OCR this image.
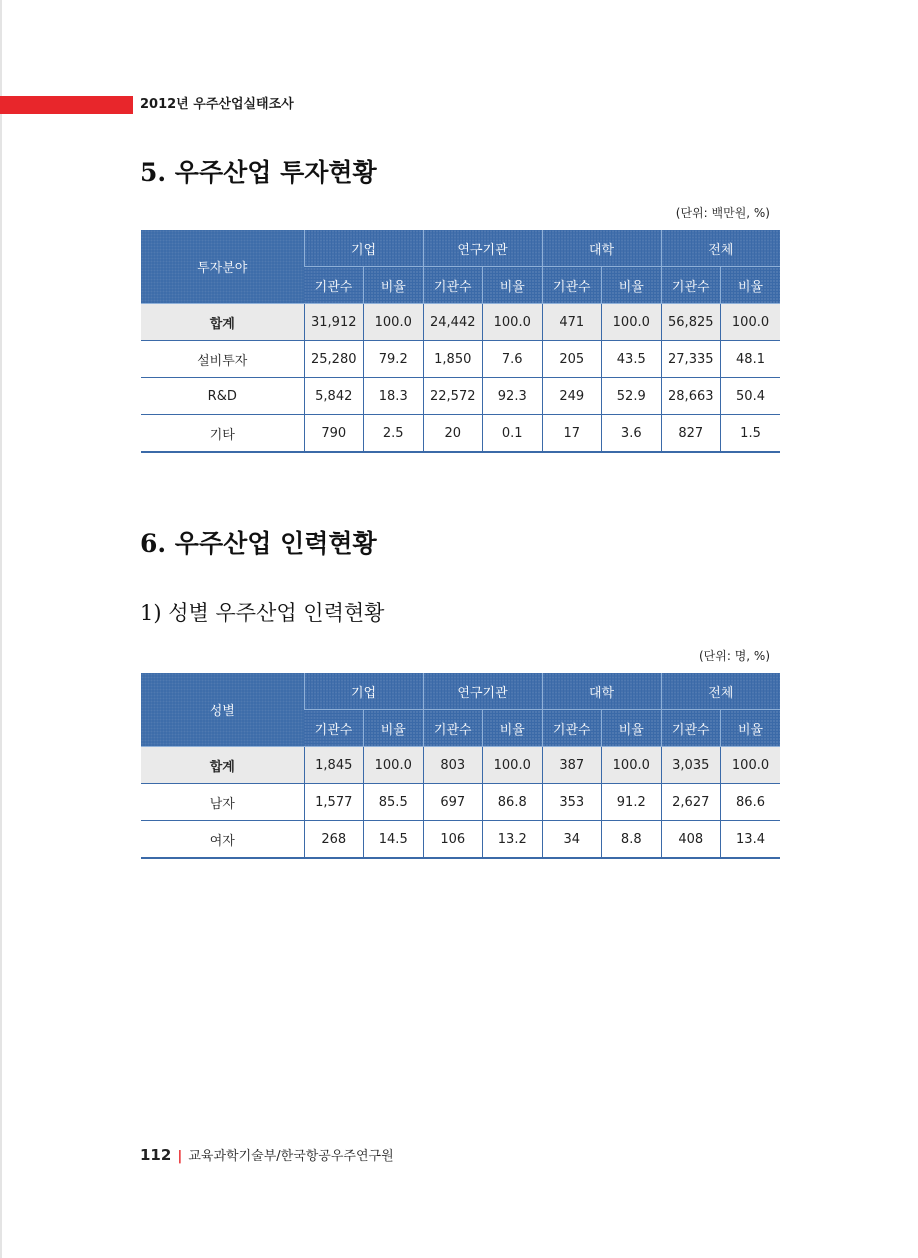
2012년 우주산업실태조사
5. 우주산업 투자현황
(단위: 백만원, %)
투자분야	기업		연구기관		대학		전체	
	기관수	비율	기관수	비율	기관수	비율	기관수	비율
합계	31,912	100.0	24,442	100.0	471	100.0	56,825	100.0
설비투자	25,280	79.2	1,850	7.6	205	43.5	27,335	48.1
R&D	5,842	18.3	22,572	92.3	249	52.9	28,663	50.4
기타	790	2.5	20	0.1	17	3.6	827	1.5
6. 우주산업 인력현황
1) 성별 우주산업 인력현황
(단위: 명, %)
성별	기업		연구기관		대학		전체	
	기관수	비율	기관수	비율	기관수	비율	기관수	비율
합계	1,845	100.0	803	100.0	387	100.0	3,035	100.0
남자	1,577	85.5	697	86.8	353	91.2	2,627	86.6
여자	268	14.5	106	13.2	34	8.8	408	13.4
112 | 교육과학기술부/한국항공우주연구원
